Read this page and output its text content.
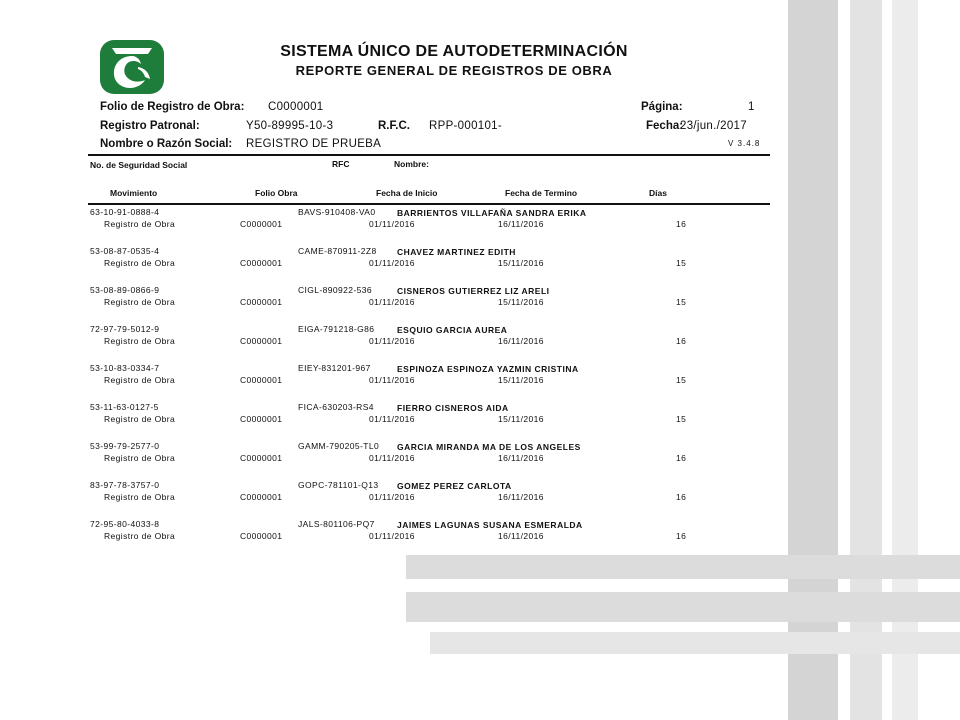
SISTEMA ÚNICO DE AUTODETERMINACIÓN
REPORTE GENERAL DE REGISTROS DE OBRA
Folio de Registro de Obra: C0000001
Registro Patronal:	Y50-89995-10-3	R.F.C. RPP-000101-
Nombre o Razón Social: REGISTRO DE PRUEBA
Página:	1
Fecha:
23/jun./2017
V 3.4.8
No. de Seguridad Social	RFC	Nombre:
Movimiento	Folio Obra	Fecha de Inicio	Fecha de Termino	Días
63-10-91-0888-4	BAVS-910408-VA0	BARRIENTOS VILLAFAÑA SANDRA ERIKA
Registro de Obra	C0000001	01/11/2016	16/11/2016	16
53-08-87-0535-4	CAME-870911-2Z8 CHAVEZ MARTINEZ EDITH
Registro de Obra	C0000001	01/11/2016	15/11/2016	15
53-08-89-0866-9	CIGL-890922-536	CISNEROS GUTIERREZ LIZ ARELI
Registro de Obra	C0000001	01/11/2016	15/11/2016	15
72-97-79-5012-9	EIGA-791218-G86	ESQUIO GARCIA AUREA
Registro de Obra	C0000001	01/11/2016	16/11/2016	16
53-10-83-0334-7	EIEY-831201-967	ESPINOZA ESPINOZA YAZMIN CRISTINA
Registro de Obra	C0000001	01/11/2016	15/11/2016	15
53-11-63-0127-5	FICA-630203-RS4	FIERRO CISNEROS AIDA
Registro de Obra	C0000001	01/11/2016	15/11/2016	15
53-99-79-2577-0	GAMM-790205-TL0 GARCIA MIRANDA MA DE LOS ANGELES
Registro de Obra	C0000001	01/11/2016	16/11/2016	16
83-97-78-3757-0	GOPC-781101-Q13 GOMEZ PEREZ CARLOTA
Registro de Obra	C0000001	01/11/2016	16/11/2016	16
72-95-80-4033-8	JALS-801106-PQ7	JAIMES LAGUNAS SUSANA ESMERALDA
Registro de Obra	C0000001	01/11/2016	16/11/2016	16
